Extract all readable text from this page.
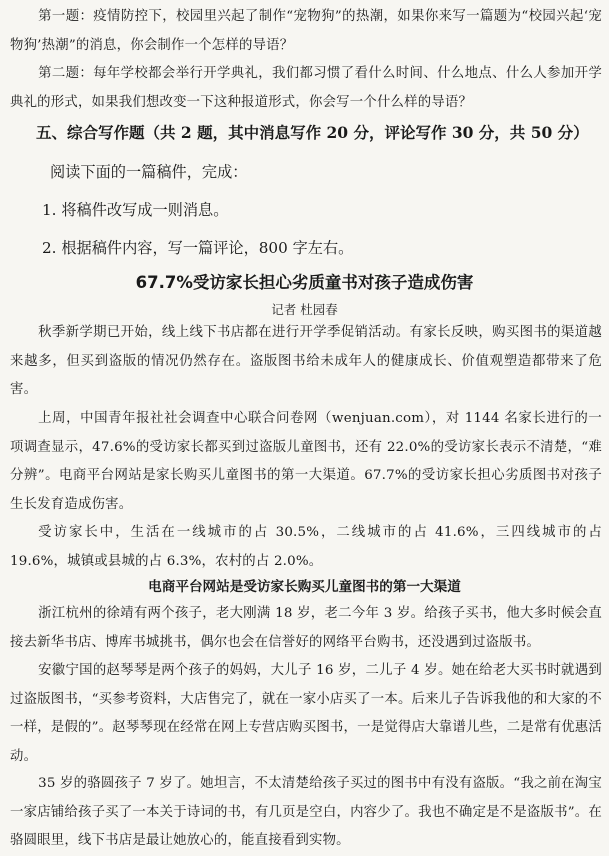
第一题：疫情防控下，校园里兴起了制作“宠物狗”的热潮，如果你来写一篇题为“校园兴起‘宠物狗’热潮”的消息，你会制作一个怎样的导语？

第二题：每年学校都会举行开学典礼，我们都习惯了看什么时间、什么地点、什么人参加开学典礼的形式，如果我们想改变一下这种报道形式，你会写一个什么样的导语？

五、综合写作题（共 2 题，其中消息写作 20 分，评论写作 30 分，共 50 分）

阅读下面的一篇稿件，完成：

1. 将稿件改写成一则消息。

2. 根据稿件内容，写一篇评论，800 字左右。

67.7%受访家长担心劣质童书对孩子造成伤害

记者 杜园春

秋季新学期已开始，线上线下书店都在进行开学季促销活动。有家长反映，购买图书的渠道越来越多，但买到盗版的情况仍然存在。盗版图书给未成年人的健康成长、价值观塑造都带来了危害。

上周，中国青年报社社会调查中心联合问卷网（wenjuan.com），对 1144 名家长进行的一项调查显示，47.6%的受访家长都买到过盗版儿童图书，还有 22.0%的受访家长表示不清楚，“难分辨”。电商平台网站是家长购买儿童图书的第一大渠道。67.7%的受访家长担心劣质图书对孩子生长发育造成伤害。

受访家长中，生活在一线城市的占 30.5%，二线城市的占 41.6%，三四线城市的占 19.6%，城镇或县城的占 6.3%，农村的占 2.0%。

电商平台网站是受访家长购买儿童图书的第一大渠道

浙江杭州的徐靖有两个孩子，老大刚满 18 岁，老二今年 3 岁。给孩子买书，他大多时候会直接去新华书店、博库书城挑书，偶尔也会在信誉好的网络平台购书，还没遇到过盗版书。

安徽宁国的赵琴琴是两个孩子的妈妈，大儿子 16 岁，二儿子 4 岁。她在给老大买书时就遇到过盗版图书，“买参考资料，大店售完了，就在一家小店买了一本。后来儿子告诉我他的和大家的不一样，是假的”。赵琴琴现在经常在网上专营店购买图书，一是觉得店大靠谱儿些，二是常有优惠活动。

35 岁的骆圆孩子 7 岁了。她坦言，不太清楚给孩子买过的图书中有没有盗版。“我之前在淘宝一家店铺给孩子买了一本关于诗词的书，有几页是空白，内容少了。我也不确定是不是盗版书”。在骆圆眼里，线下书店是最让她放心的，能直接看到实物。
